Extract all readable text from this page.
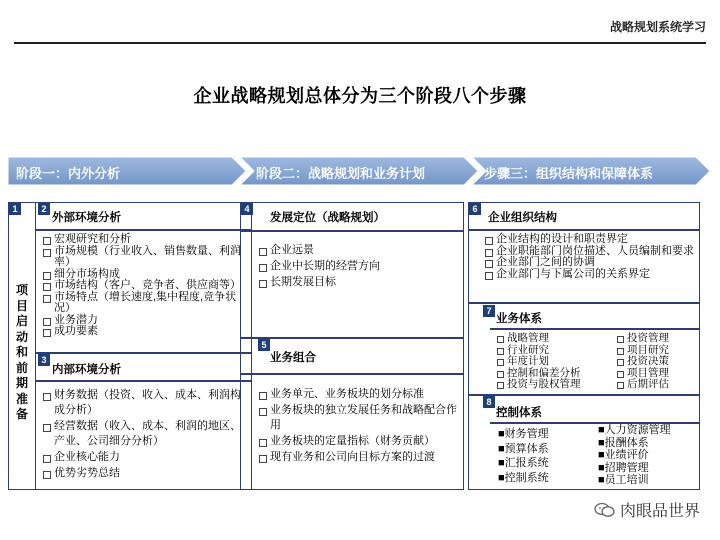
战略规划系统学习
企业战略规划总体分为三个阶段八个步骤
阶段一：内外分析	阶段二：战略规划和业务计划	步骤三：组织结构和保障体系
1
项目启动和前期准备
2
外部环境分析
宏观研究和分析
市场规模（行业收入、销售数量、利润率）
细分市场构成
市场结构（客户、竞争者、供应商等）
市场特点（增长速度,集中程度,竞争状况）
业务潜力
成功要素
3
内部环境分析
财务数据（投资、收入、成本、利润构成分析）
经营数据（收入、成本、利润的地区、产业、公司细分分析）
企业核心能力
优势劣势总结
4
发展定位（战略规划）
企业远景
企业中长期的经营方向
长期发展目标
5
业务组合
业务单元、业务板块的划分标准
业务板块的独立发展任务和战略配合作用
业务板块的定量指标（财务贡献）
现有业务和公司向目标方案的过渡
6
企业组织结构
企业结构的设计和职责界定
企业职能部门岗位描述、人员编制和要求
企业部门之间的协调
企业部门与下属公司的关系界定
7
业务体系
战略管理
行业研究
年度计划
控制和偏差分析
投资与股权管理
投资管理
项目研究
投资决策
项目管理
后期评估
8
控制体系
■财务管理
■预算体系
■汇报系统
■控制系统
■人力资源管理
■报酬体系
■业绩评价
■招聘管理
■员工培训
肉眼品世界
